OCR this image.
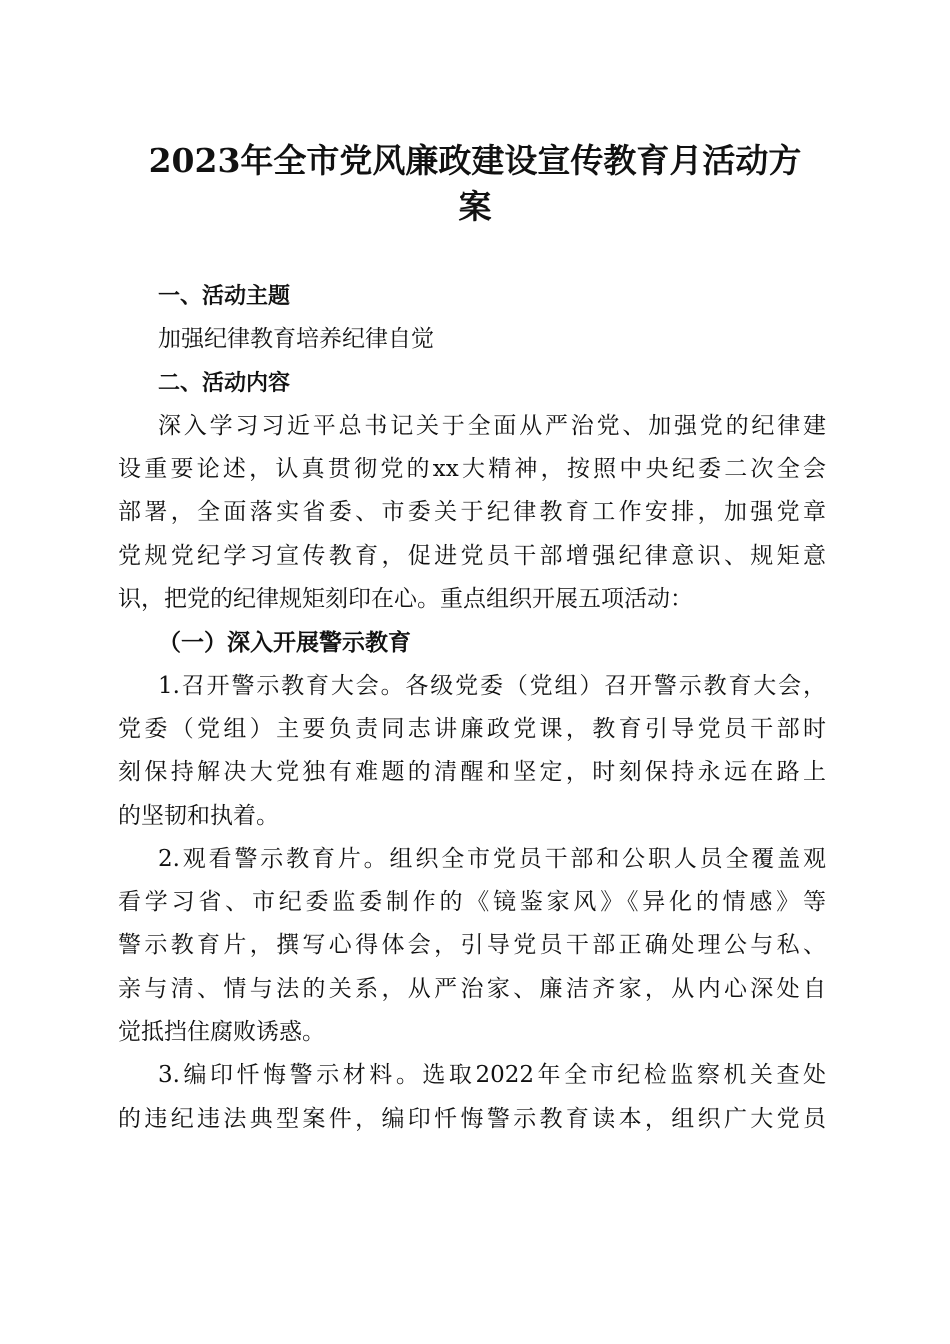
2023年全市党风廉政建设宣传教育月活动方
案
一、活动主题
加强纪律教育培养纪律自觉
二、活动内容
深入学习习近平总书记关于全面从严治党、加强党的纪律建
设重要论述，认真贯彻党的xx大精神，按照中央纪委二次全会
部署，全面落实省委、市委关于纪律教育工作安排，加强党章
党规党纪学习宣传教育，促进党员干部增强纪律意识、规矩意
识，把党的纪律规矩刻印在心。重点组织开展五项活动：
（一）深入开展警示教育
1.召开警示教育大会。各级党委（党组）召开警示教育大会，
党委（党组）主要负责同志讲廉政党课，教育引导党员干部时
刻保持解决大党独有难题的清醒和坚定，时刻保持永远在路上
的坚韧和执着。
2.观看警示教育片。组织全市党员干部和公职人员全覆盖观
看学习省、市纪委监委制作的《镜鉴家风》《异化的情感》等
警示教育片，撰写心得体会，引导党员干部正确处理公与私、
亲与清、情与法的关系，从严治家、廉洁齐家，从内心深处自
觉抵挡住腐败诱惑。
3.编印忏悔警示材料。选取2022年全市纪检监察机关查处
的违纪违法典型案件，编印忏悔警示教育读本，组织广大党员
